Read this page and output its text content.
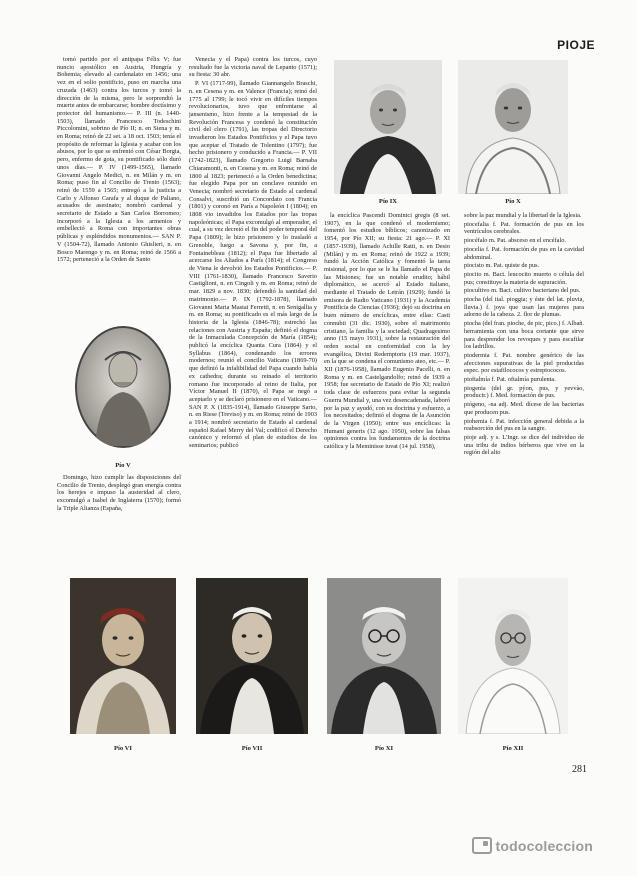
PIOJE

tomó partido por el antipapa Félix V; fue nuncio apostólico en Austria, Hungría y Bohemia; elevado al cardenalato en 1456; una vez en el solio pontificio, puso en marcha una cruzada (1463) contra los turcos y tomó la dirección de la misma, pero le sorprendió la muerte antes de embarcarse; hombre doctísimo y protector del humanismo.— P. III (n. 1440-1503), llamado Francesco Todeschini Piccolomini, sobrino de Pío II; n. en Siena y m. en Roma; reinó de 22 set. a 18 oct. 1503; tenía el propósito de reformar la Iglesia y acabar con los abusos, por lo que se enfrentó con César Borgia, pero, enfermo de gota, su pontificado sólo duró unos días.— P. IV (1499-1565), llamado Giovanni Angelo Medici, n. en Milán y m. en Roma; puso fin al Concilio de Trento (1563); reinó de 1559 a 1565; entregó a la justicia a Carlo y Alfonso Carafa y al duque de Paliano, acusados de asesinato; nombró cardenal y secretario de Estado a San Carlos Borromeo; incorporó a la Iglesia a los armenios y embelleció a Roma con importantes obras públicas y espléndidos monumentos.— SAN P. V (1504-72), llamado Antonio Ghislieri, n. en Bosco Marengo y m. en Roma; reinó de 1566 a 1572; perteneció a la Orden de Santo

Pío V

Domingo, hizo cumplir las disposiciones del Concilio de Trento, desplegó gran energía contra los herejes e impuso la austeridad al clero, excomulgó a Isabel de Inglaterra (1570); formó la Triple Alianza (España,

Venecia y el Papa) contra los turcos, cuyo resultado fue la victoria naval de Lepanto (1571); su fiesta: 30 abr.

P. VI (1717-99), llamado Giannangelo Braschi, n. en Cesena y m. en Valence (Francia); reinó del 1775 al 1799; le tocó vivir en difíciles tiempos revolucionarios, tuvo que enfrentarse al jansenismo, hizo frente a la tempestad de la Revolución Francesa y condenó la constitución civil del clero (1791), las tropas del Directorio invadieron los Estados Pontificios y el Papa tuvo que aceptar el Tratado de Tolentino (1797); fue hecho prisionero y conducido a Francia.— P. VII (1742-1823), llamado Gregorio Luigi Barnaba Chiaramonti, n. en Cesena y m. en Roma; reinó de 1800 al 1823; perteneció a la Orden benedictina; fue elegido Papa por un conclave reunido en Venecia; nombró secretario de Estado al cardenal Consalvi, suscribió un Concordato con Francia (1801) y coronó en París a Napoleón I (1804); en 1808 vio invadidos los Estados por las tropas napoleónicas; el Papa excomulgó al emperador, el cual, a su vez decretó el fin del poder temporal del Papa (1809); le hizo prisionero y lo trasladó a Grenoble, luego a Savona y, por fin, a Fontainebleau (1812); el Papa fue libertado al acercarse los Aliados a París (1814); el Congreso de Viena le devolvió los Estados Pontificios.— P. VIII (1761-1830), llamado Francesco Saverio Castiglioni, n. en Cingoli y m. en Roma; reinó de mar. 1829 a nov. 1830; defendió la santidad del matrimonio.— P. IX (1792-1878), llamado Giovanni Maria Mastai Ferretti, n. en Senigallia y m. en Roma; su pontificado es el más largo de la historia de la Iglesia (1846-78); estrechó las relaciones con Austria y España; definió el dogma de la Inmaculada Concepción de María (1854); publicó la encíclica Quanta Cura (1864) y el Syllabus (1864), condenando los errores modernos; reunió el concilio Vaticano (1869-70) que definió la infalibilidad del Papa cuando habla ex cathedra; durante su reinado el territorio romano fue incorporado al reino de Italia, por Víctor Manuel II (1870), el Papa se negó a aceptarlo y se declaró prisionero en el Vaticano.— SAN P. X (1835-1914), llamado Giuseppe Sarto, n. en Riese (Treviso) y m. en Roma; reinó de 1903 a 1914; nombró secretario de Estado al cardenal español Rafael Merry del Val; codificó el Derecho canónico y reformó el plan de estudios de los seminarios; publicó

Pío IX	Pío X

la encíclica Pascendi Dominici gregis (8 set. 1907), en la que condenó el modernismo; fomentó los estudios bíblicos; canonizado en 1954, por Pío XII; su fiesta: 21 ago.— P. XI (1857-1939), llamado Achille Ratti, n. en Desio (Milán) y m. en Roma; reinó de 1922 a 1939; fundó la Acción Católica y fomentó la tarea misional, por lo que se le ha llamado el Papa de las Misiones; fue un notable erudito; hábil diplomático, se acercó al Estado italiano, mediante el Tratado de Letrán (1929); fundó la emisora de Radio Vaticano (1931) y la Academia Pontificia de Ciencias (1936); dejó su doctrina en buen número de encíclicas, entre ellas: Casti connubii (31 dic. 1930), sobre el matrimonio cristiano, la familia y la sociedad; Quadragesimo anno (15 mayo 1931), sobre la restauración del orden social en conformidad con la ley evangélica, Divini Redemptoris (19 mar. 1937), en la que se condena el comunismo ateo, etc.— P. XII (1876-1958), llamado Eugenio Pacelli, n. en Roma y m. en Castelgandolfo; reinó de 1939 a 1958; fue secretario de Estado de Pío XI; realizó toda clase de esfuerzos para evitar la segunda Guerra Mundial y, una vez desencadenada, laboró por la paz y ayudó, con su doctrina y esfuerzo, a los necesitados; definió el dogma de la Asunción de la Virgen (1950); entre sus encíclicas: la Humani generis (12 ago. 1950), sobre las falsas opiniones contra los fundamentos de la doctrina católica y la Meminisse iuvat (14 jul. 1958),

sobre la paz mundial y la libertad de la Iglesia.

piocefalia f. Pat. formación de pus en los ventrículos cerebrales.

piocéfalo m. Pat. absceso en el encéfalo.

piocelia f. Pat. formación de pus en la cavidad abdominal.

piocisto m. Pat. quiste de pus.

piocito m. Bact. leucocito muerto o célula del pus; constituye la materia de supuración.

piocultivo m. Bact. cultivo bacteriano del pus.

piocha (del ital. pioggia; y éste del lat. pluvia, lluvia.) f. joya que usan las mujeres para adorno de la cabeza. 2. flor de plumas.

piocha (del fran. pioche, de pic, pico.) f. Albañ. herramienta con una boca cortante que sirve para desprender los revoques y para escafilar los ladrillos.

piodermia f. Pat. nombre genérico de las afecciones supurativas de la piel producidas espec. por estafilococos y estreptococos.

pioftalmía f. Pat. oftalmía purulenta.

piogenia (del gr. pýon, pus, y yevvào, producir.) f. Med. formación de pus.

piógeno, -na adj. Med. dícese de las bacterias que producen pus.

piohemia f. Pat. infección general debida a la reabsorción del pus en la sangre.

pioje adj. y s. L'Ingr. se dice del individuo de una tribu de indios bérberos que vive en la región del alto

Pío VI	Pío VII	Pío XI	Pío XII
281
todocoleccion
